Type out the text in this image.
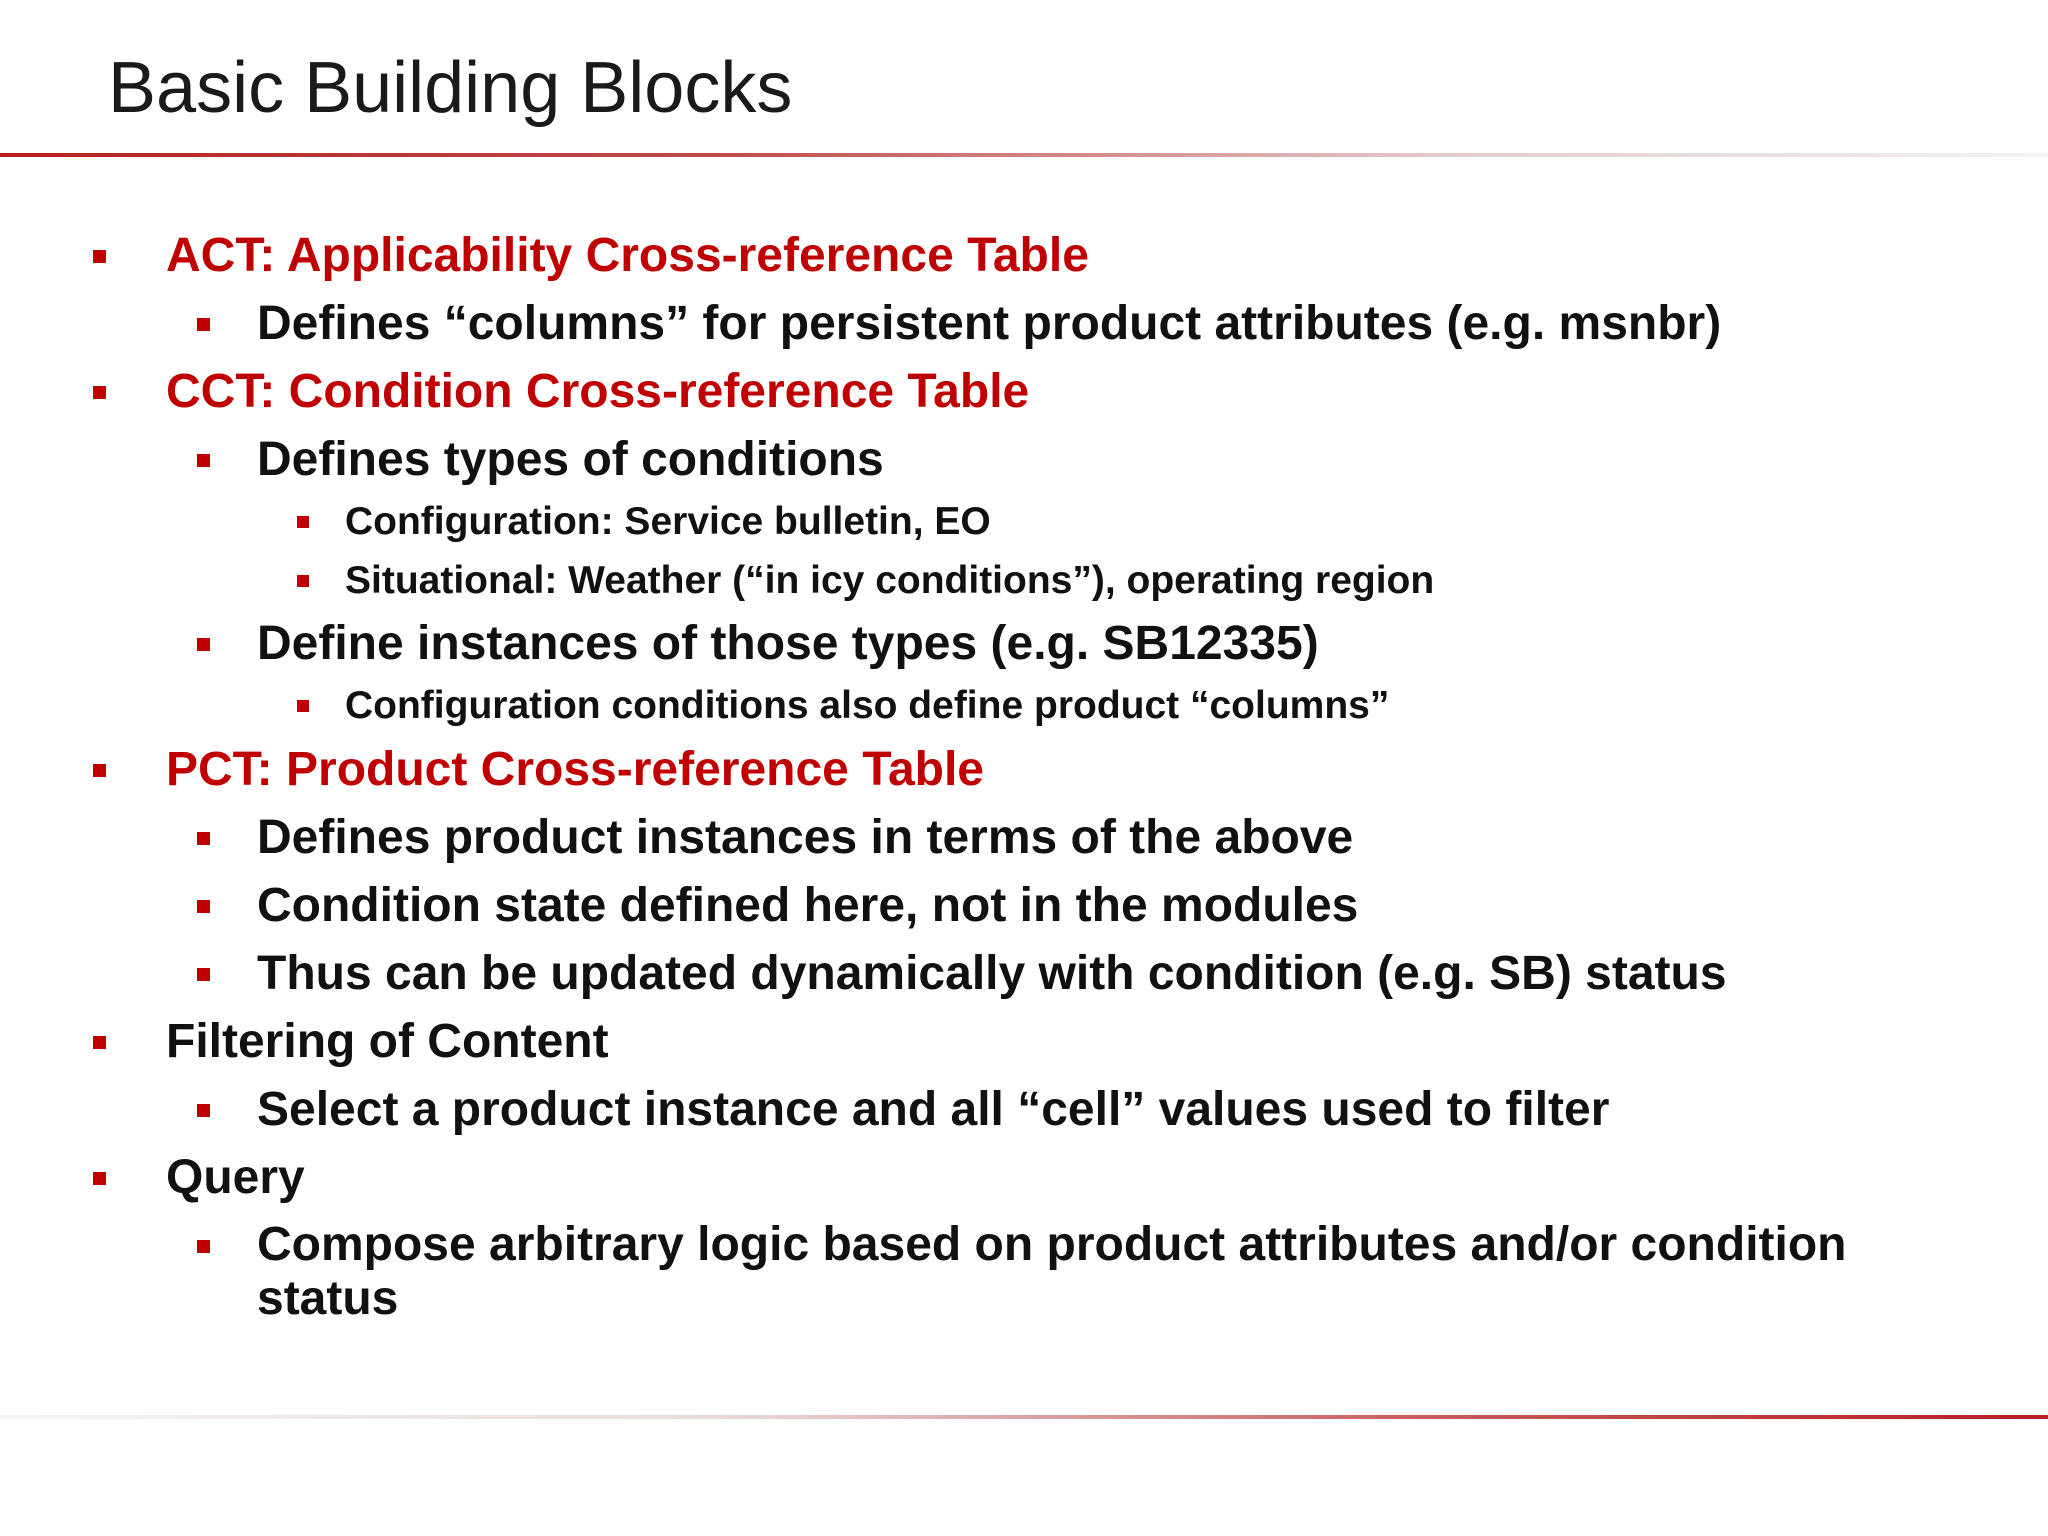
Basic Building Blocks
ACT: Applicability Cross-reference Table
Defines “columns” for persistent product attributes (e.g. msnbr)
CCT: Condition Cross-reference Table
Defines types of conditions
Configuration: Service bulletin, EO
Situational: Weather (“in icy conditions”), operating region
Define instances of those types (e.g. SB12335)
Configuration conditions also define product “columns”
PCT: Product Cross-reference Table
Defines product instances in terms of the above
Condition state defined here, not in the modules
Thus can be updated dynamically with condition (e.g. SB) status
Filtering of Content
Select a product instance and all “cell” values used to filter
Query
Compose arbitrary logic based on product attributes and/or condition status
